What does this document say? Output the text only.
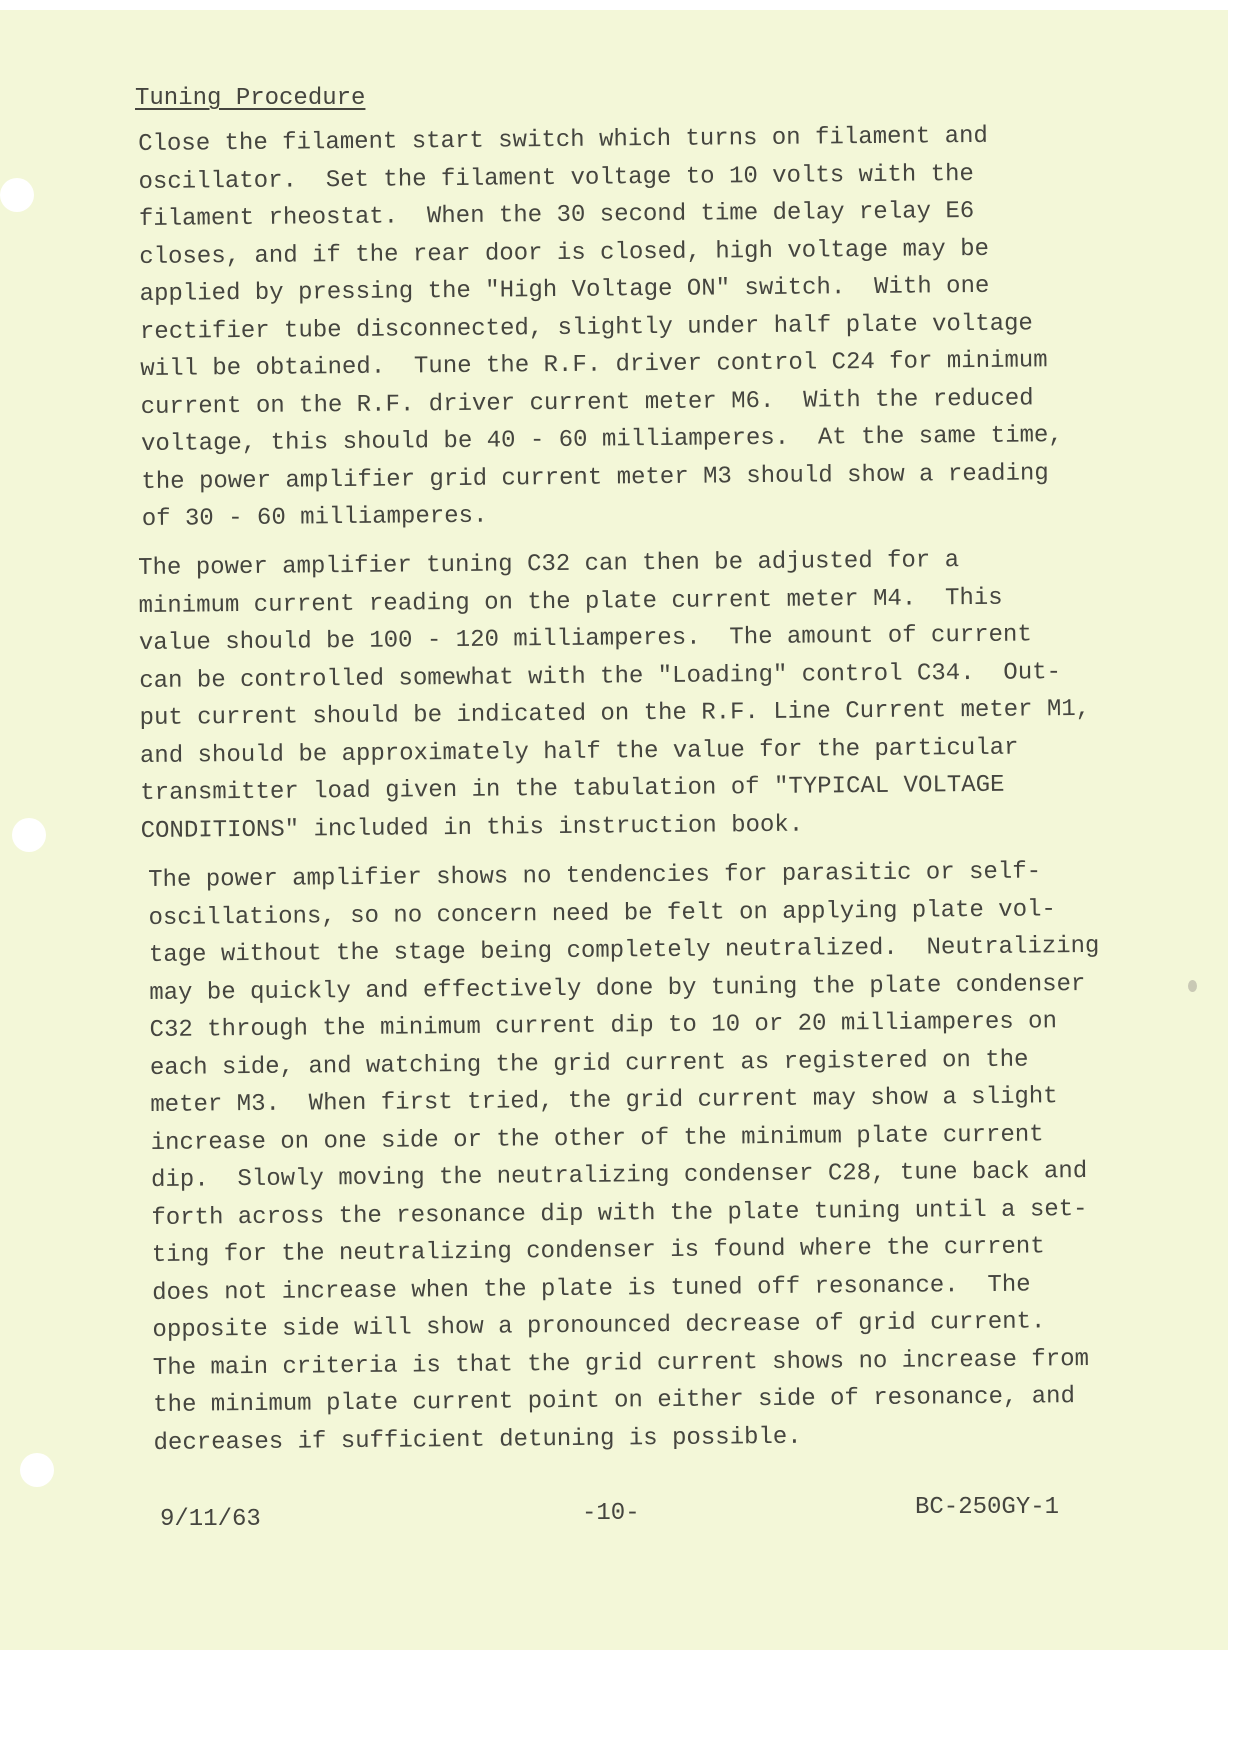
Tuning Procedure

Close the filament start switch which turns on filament and
oscillator.  Set the filament voltage to 10 volts with the
filament rheostat.  When the 30 second time delay relay E6
closes, and if the rear door is closed, high voltage may be
applied by pressing the "High Voltage ON" switch.  With one
rectifier tube disconnected, slightly under half plate voltage
will be obtained.  Tune the R.F. driver control C24 for minimum
current on the R.F. driver current meter M6.  With the reduced
voltage, this should be 40 - 60 milliamperes.  At the same time,
the power amplifier grid current meter M3 should show a reading
of 30 - 60 milliamperes.

The power amplifier tuning C32 can then be adjusted for a
minimum current reading on the plate current meter M4.  This
value should be 100 - 120 milliamperes.  The amount of current
can be controlled somewhat with the "Loading" control C34.  Out-
put current should be indicated on the R.F. Line Current meter M1,
and should be approximately half the value for the particular
transmitter load given in the tabulation of "TYPICAL VOLTAGE
CONDITIONS" included in this instruction book.

The power amplifier shows no tendencies for parasitic or self-
oscillations, so no concern need be felt on applying plate vol-
tage without the stage being completely neutralized.  Neutralizing
may be quickly and effectively done by tuning the plate condenser
C32 through the minimum current dip to 10 or 20 milliamperes on
each side, and watching the grid current as registered on the
meter M3.  When first tried, the grid current may show a slight
increase on one side or the other of the minimum plate current
dip.  Slowly moving the neutralizing condenser C28, tune back and
forth across the resonance dip with the plate tuning until a set-
ting for the neutralizing condenser is found where the current
does not increase when the plate is tuned off resonance.  The
opposite side will show a pronounced decrease of grid current.
The main criteria is that the grid current shows no increase from
the minimum plate current point on either side of resonance, and
decreases if sufficient detuning is possible.

9/11/63	-10-	BC-250GY-1
